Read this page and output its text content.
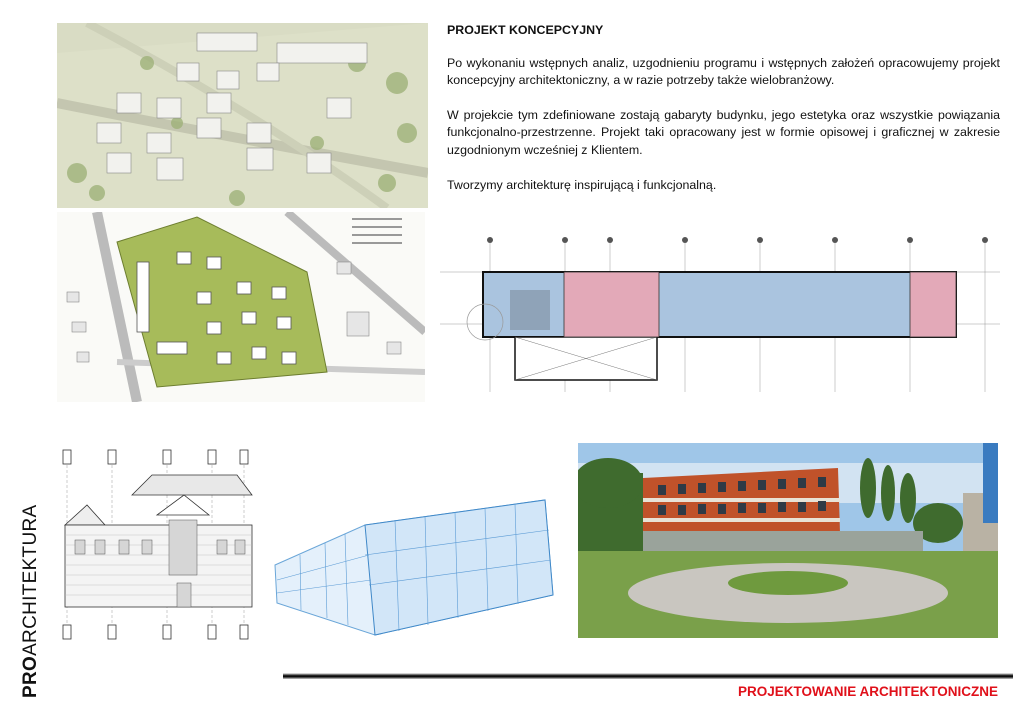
PROJEKT KONCEPCYJNY

Po wykonaniu wstępnych analiz, uzgodnieniu programu i wstępnych założeń opracowujemy projekt koncepcyjny architektoniczny, a w razie potrzeby także wielobranżowy.

W projekcie tym zdefiniowane zostają gabaryty budynku, jego estetyka oraz wszystkie powiązania funkcjonalno-przestrzenne. Projekt taki opracowany jest w formie opisowej i graficznej w zakresie uzgodnionym wcześniej z Klientem.

Tworzymy architekturę inspirującą i funkcjonalną.

PROARCHITEKTURA
PROJEKTOWANIE ARCHITEKTONICZNE
